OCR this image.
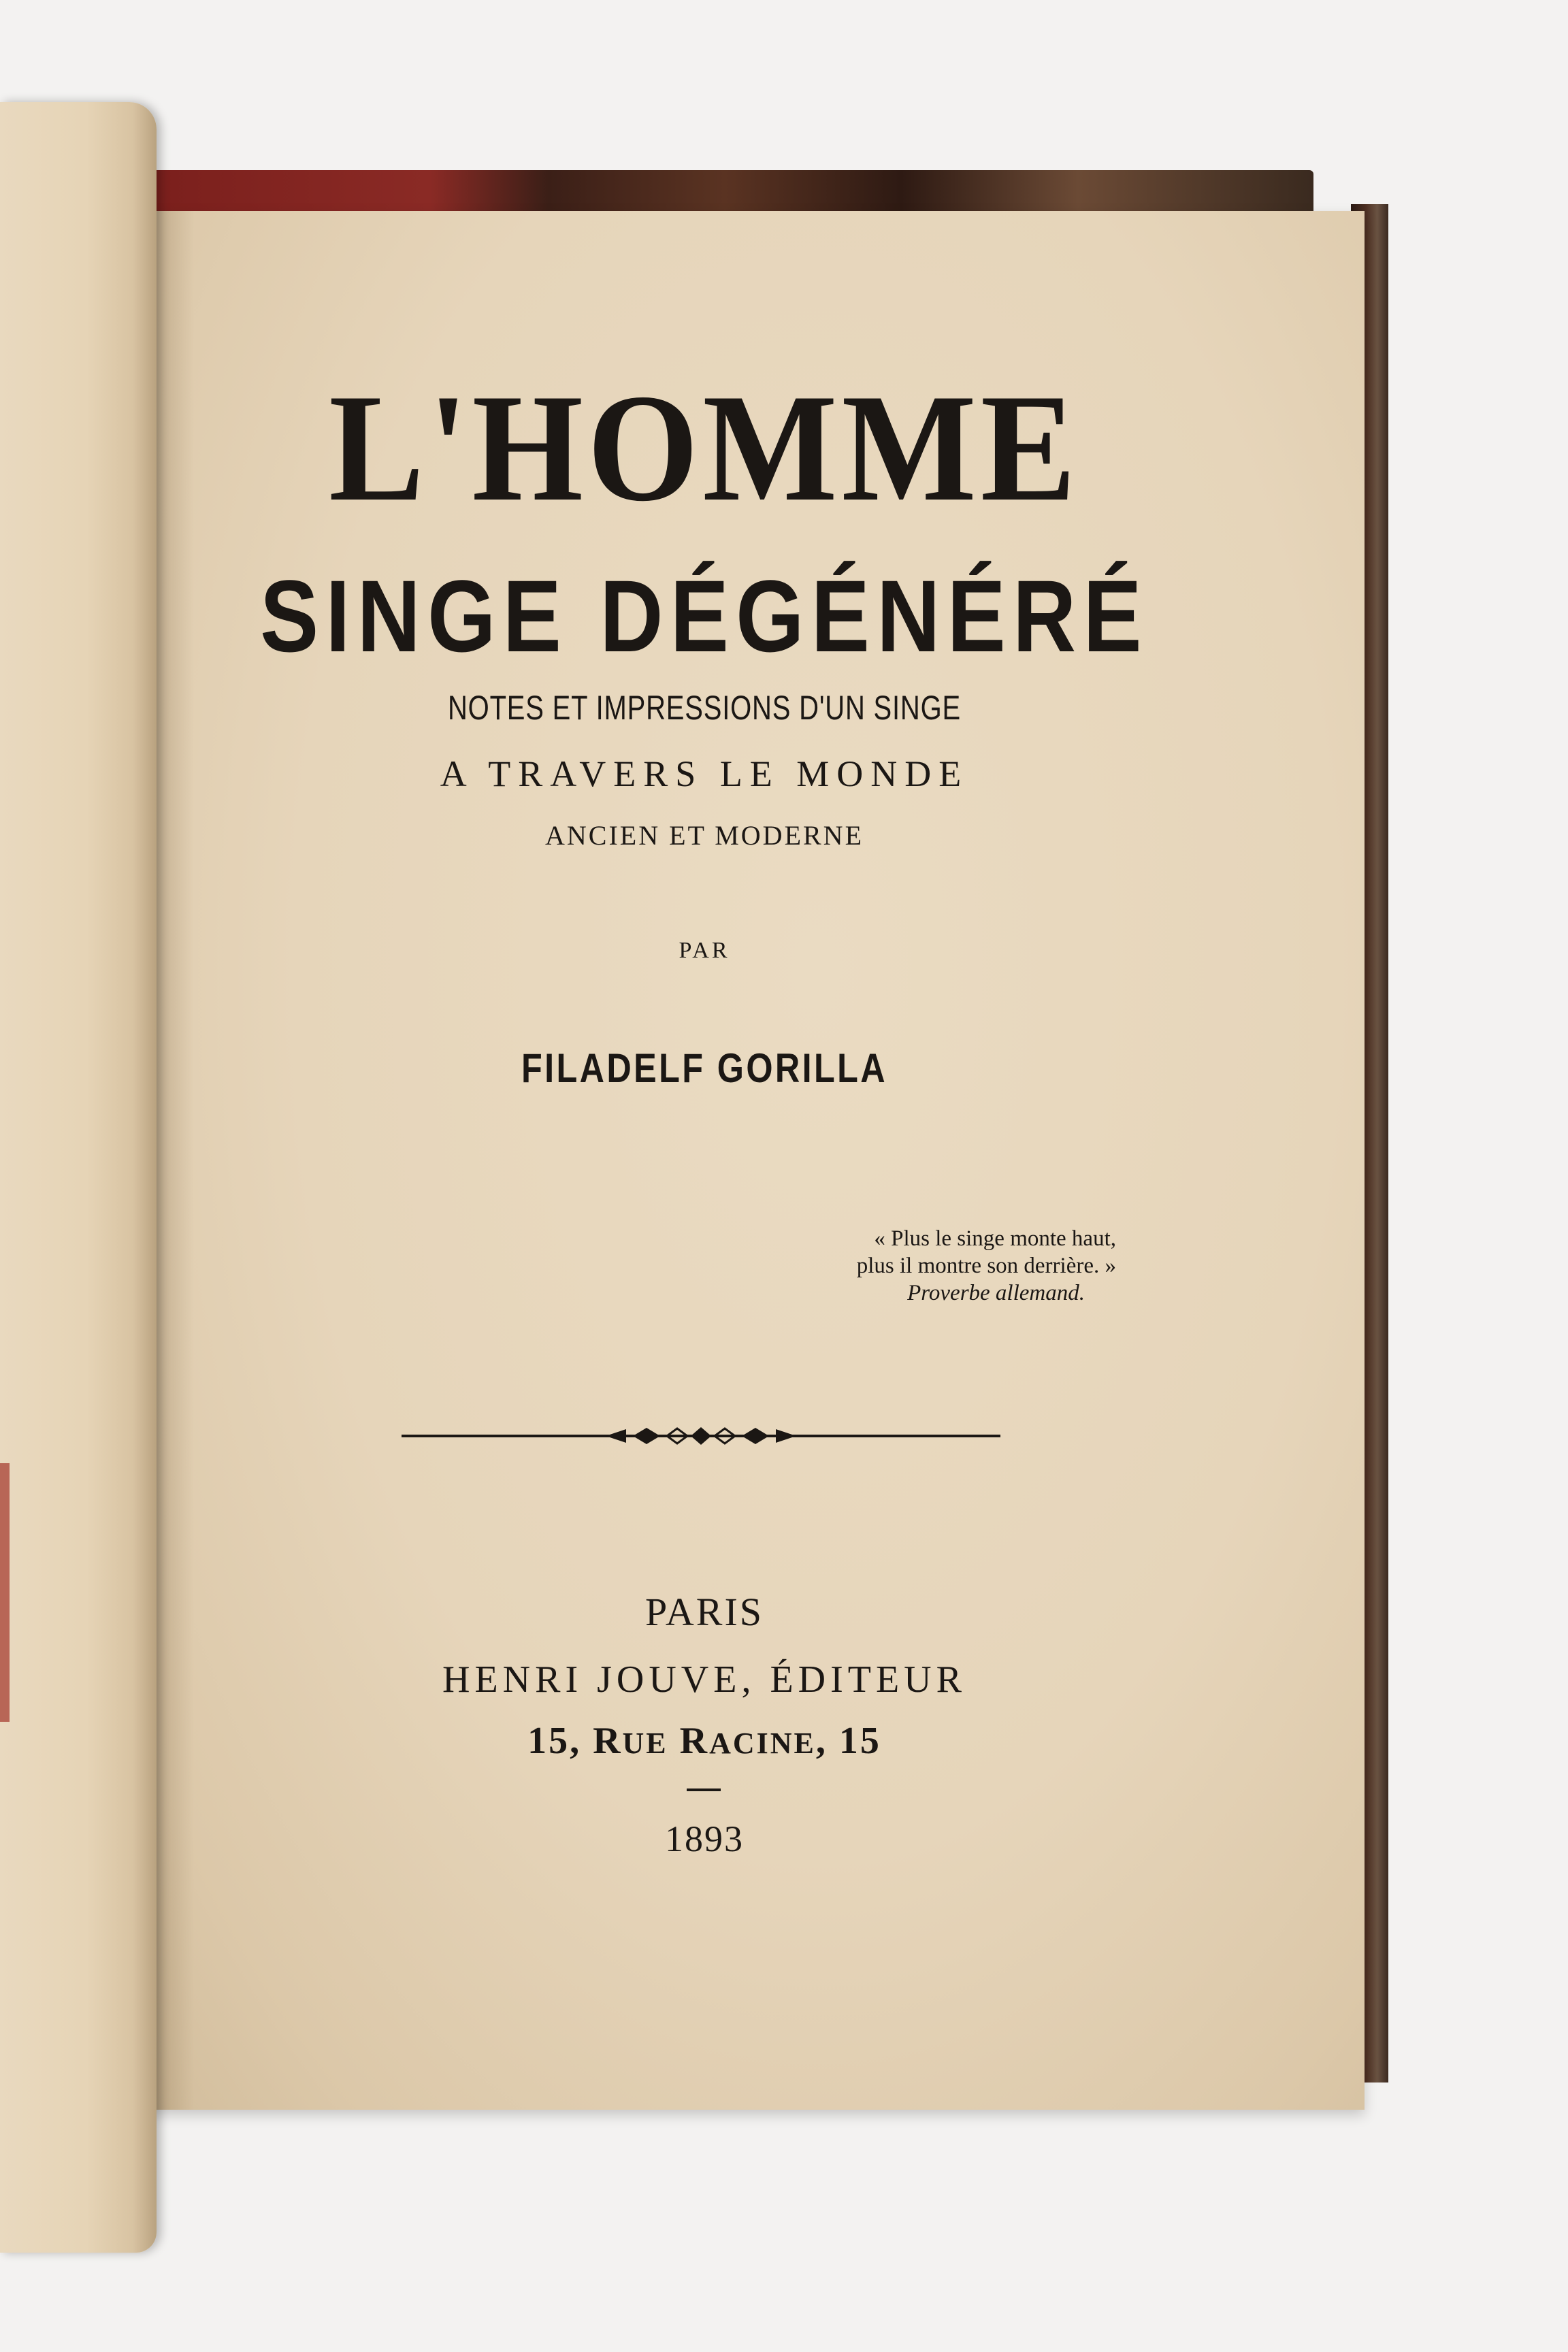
L'HOMME
SINGE DÉGÉNÉRÉ
NOTES ET IMPRESSIONS D'UN SINGE
A TRAVERS LE MONDE
ANCIEN ET MODERNE
PAR
FILADELF GORILLA
« Plus le singe monte haut,
plus il montre son derrière. »
Proverbe allemand.
PARIS
HENRI JOUVE, ÉDITEUR
15, RUE RACINE, 15
1893
